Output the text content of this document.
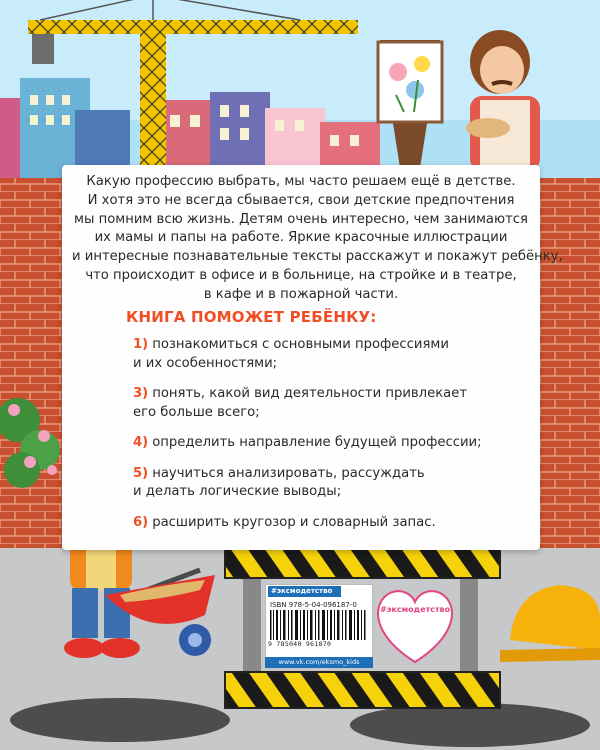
Какую профессию выбрать, мы часто решаем ещё в детстве.
И хотя это не всегда сбывается, свои детские предпочтения
мы помним всю жизнь. Детям очень интересно, чем занимаются
их мамы и папы на работе. Яркие красочные иллюстрации
и интересные познавательные тексты расскажут и покажут ребёнку,
что происходит в офисе и в больнице, на стройке и в театре,
в кафе и в пожарной части.

КНИГА ПОМОЖЕТ РЕБЁНКУ:

1) познакомиться с основными профессиями
и их особенностями;
3) понять, какой вид деятельности привлекает
его больше всего;
4) определить направление будущей профессии;
5) научиться анализировать, рассуждать
и делать логические выводы;
6) расширить кругозор и словарный запас.
#эксмодетство
ISBN 978-5-04-096187-0
9 785040 961870
www.vk.com/eksmo_kids
#эксмодетство
